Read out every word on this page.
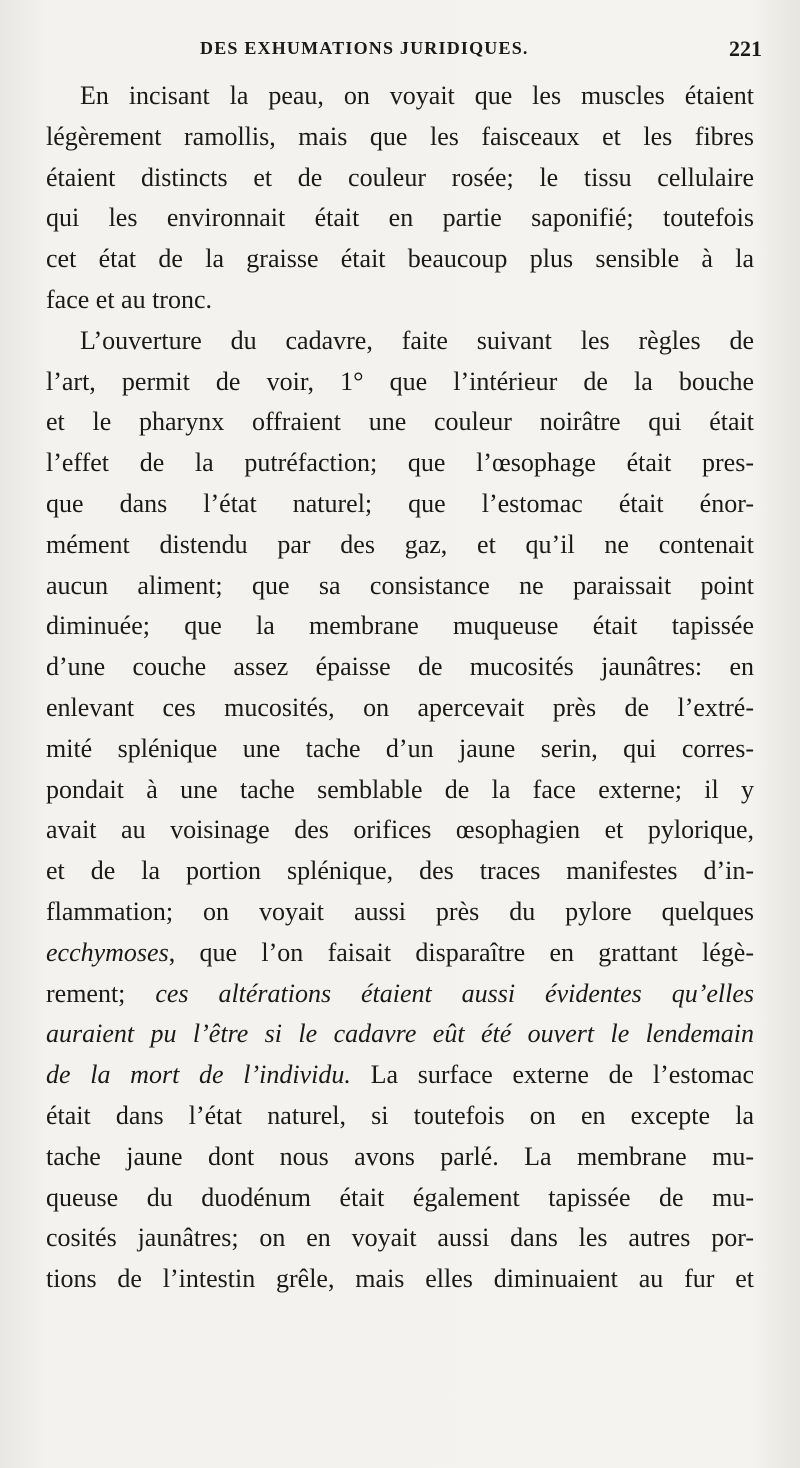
DES EXHUMATIONS JURIDIQUES.	221
En incisant la peau, on voyait que les muscles étaient
légèrement ramollis, mais que les faisceaux et les fibres
étaient distincts et de couleur rosée; le tissu cellulaire
qui les environnait était en partie saponifié; toutefois
cet état de la graisse était beaucoup plus sensible à la
face et au tronc.
L’ouverture du cadavre, faite suivant les règles de
l’art, permit de voir, 1° que l’intérieur de la bouche
et le pharynx offraient une couleur noirâtre qui était
l’effet de la putréfaction; que l’œsophage était pres-
que dans l’état naturel; que l’estomac était énor-
mément distendu par des gaz, et qu’il ne contenait
aucun aliment; que sa consistance ne paraissait point
diminuée; que la membrane muqueuse était tapissée
d’une couche assez épaisse de mucosités jaunâtres: en
enlevant ces mucosités, on apercevait près de l’extré-
mité splénique une tache d’un jaune serin, qui corres-
pondait à une tache semblable de la face externe; il y
avait au voisinage des orifices œsophagien et pylorique,
et de la portion splénique, des traces manifestes d’in-
flammation; on voyait aussi près du pylore quelques
ecchymoses, que l’on faisait disparaître en grattant légè-
rement; ces altérations étaient aussi évidentes qu’elles
auraient pu l’être si le cadavre eût été ouvert le lendemain
de la mort de l’individu. La surface externe de l’estomac
était dans l’état naturel, si toutefois on en excepte la
tache jaune dont nous avons parlé. La membrane mu-
queuse du duodénum était également tapissée de mu-
cosités jaunâtres; on en voyait aussi dans les autres por-
tions de l’intestin grêle, mais elles diminuaient au fur et
